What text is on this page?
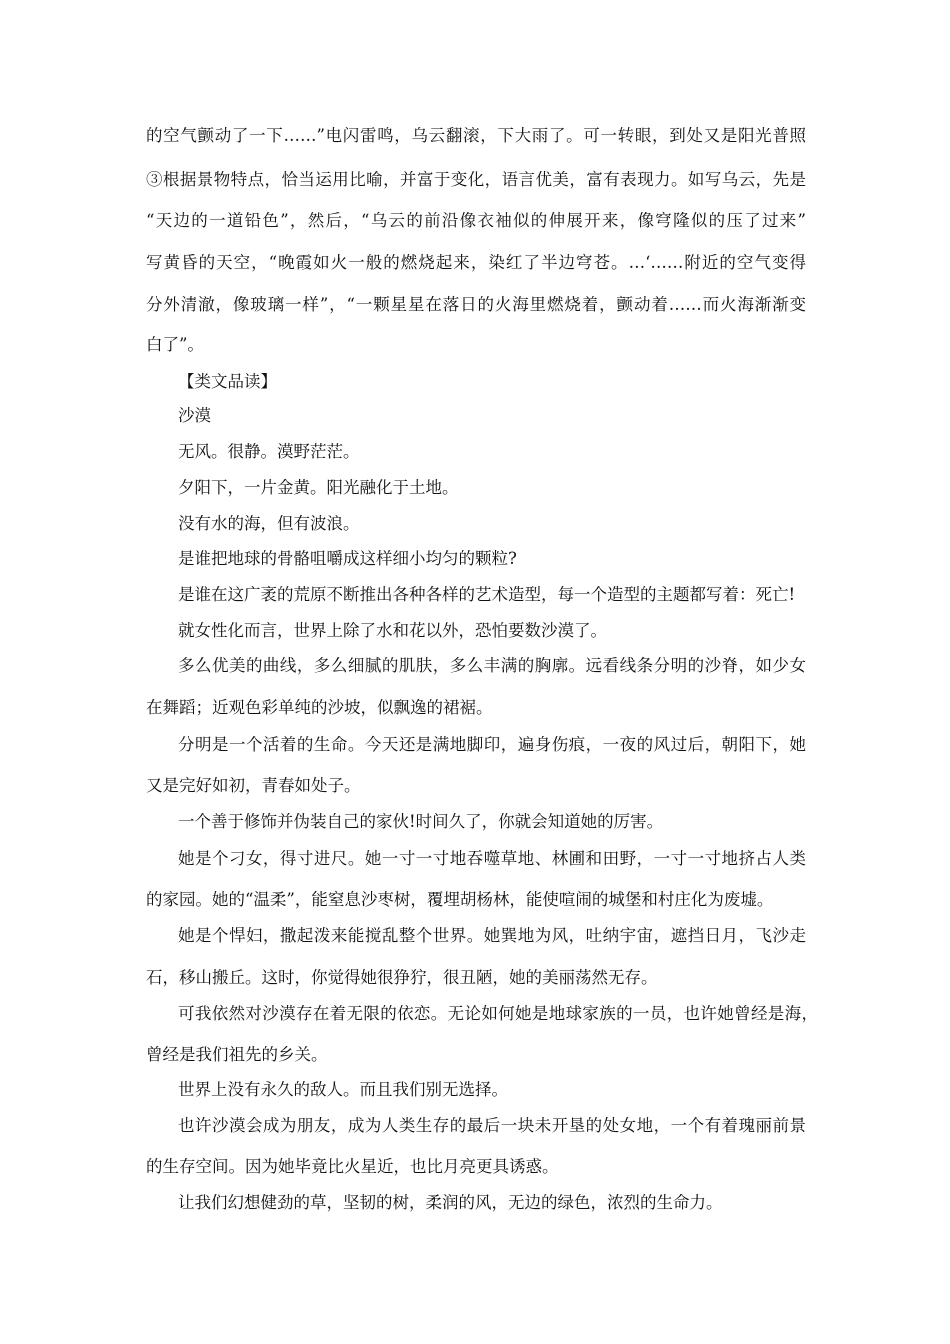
的空气颤动了一下……”电闪雷鸣，乌云翻滚，下大雨了。可一转眼，到处又是阳光普照

③根据景物特点，恰当运用比喻，并富于变化，语言优美，富有表现力。如写乌云，先是

“天边的一道铅色”，然后，“乌云的前沿像衣袖似的伸展开来，像穹隆似的压了过来”

写黄昏的天空，“晚霞如火一般的燃烧起来，染红了半边穹苍。…‘……附近的空气变得

分外清澈，像玻璃一样”，“一颗星星在落日的火海里燃烧着，颤动着……而火海渐渐变

白了”。

【类文品读】

沙漠

无风。很静。漠野茫茫。

夕阳下，一片金黄。阳光融化于土地。

没有水的海，但有波浪。

是谁把地球的骨骼咀嚼成这样细小均匀的颗粒?

是谁在这广袤的荒原不断推出各种各样的艺术造型，每一个造型的主题都写着：死亡!

就女性化而言，世界上除了水和花以外，恐怕要数沙漠了。

多么优美的曲线，多么细腻的肌肤，多么丰满的胸廓。远看线条分明的沙脊，如少女

在舞蹈；近观色彩单纯的沙坡，似飘逸的裙裾。

分明是一个活着的生命。今天还是满地脚印，遍身伤痕，一夜的风过后，朝阳下，她

又是完好如初，青春如处子。

一个善于修饰并伪装自己的家伙!时间久了，你就会知道她的厉害。

她是个刁女，得寸进尺。她一寸一寸地吞噬草地、林圃和田野，一寸一寸地挤占人类

的家园。她的“温柔”，能窒息沙枣树，覆埋胡杨林，能使喧闹的城堡和村庄化为废墟。

她是个悍妇，撒起泼来能搅乱整个世界。她巽地为风，吐纳宇宙，遮挡日月，飞沙走

石，移山搬丘。这时，你觉得她很狰狞，很丑陋，她的美丽荡然无存。

可我依然对沙漠存在着无限的依恋。无论如何她是地球家族的一员，也许她曾经是海，

曾经是我们祖先的乡关。

世界上没有永久的敌人。而且我们别无选择。

也许沙漠会成为朋友，成为人类生存的最后一块未开垦的处女地，一个有着瑰丽前景

的生存空间。因为她毕竟比火星近，也比月亮更具诱惑。

让我们幻想健劲的草，坚韧的树，柔润的风，无边的绿色，浓烈的生命力。
